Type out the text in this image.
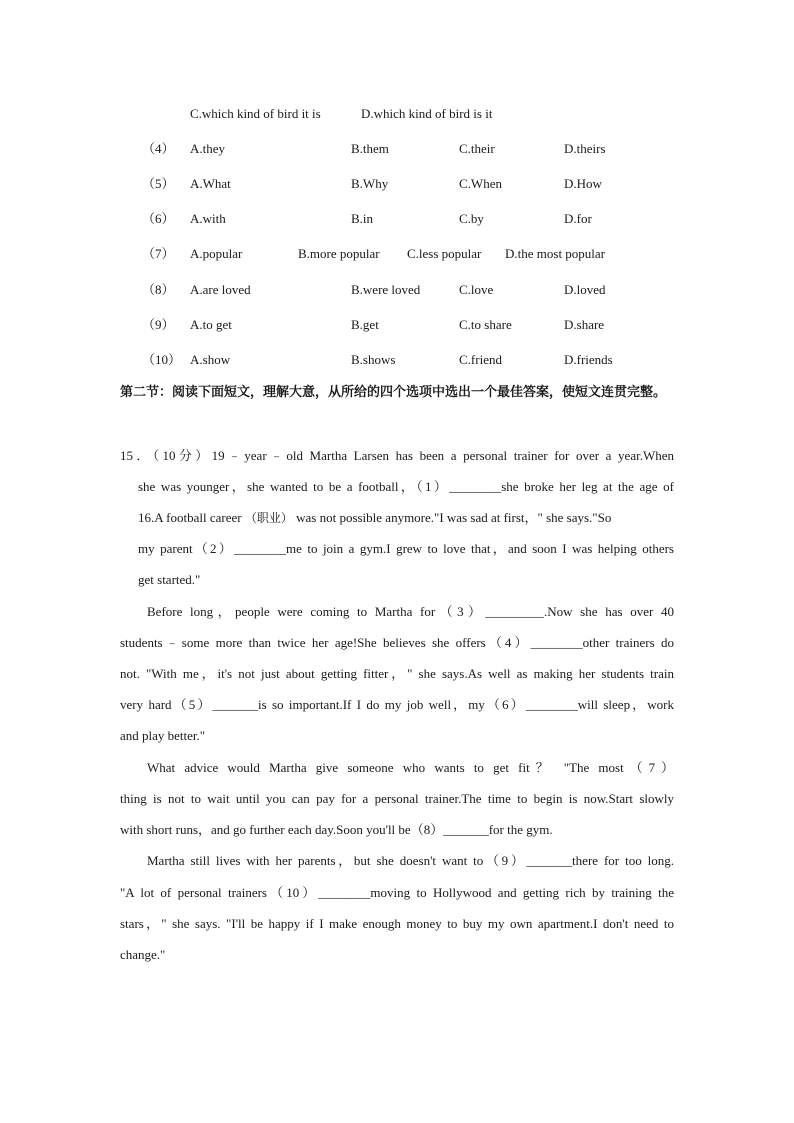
C.which kind of bird it is	D.which kind of bird is it
（4） A.they	B.them	C.their	D.theirs
（5） A.What	B.Why	C.When	D.How
（6） A.with	B.in	C.by	D.for
（7） A.popular	B.more popular C.less popular D.the most popular
（8） A.are loved	B.were loved	C.love	D.loved
（9） A.to get	B.get	C.to share	D.share
（10） A.show	B.shows	C.friend	D.friends
第二节：阅读下面短文，理解大意，从所给的四个选项中选出一个最佳答案，使短文连贯完整。
15．（10分）19﹣year﹣old Martha Larsen has been a personal trainer for over a year.When
she was younger，she wanted to be a football，（1）________she broke her leg at the age of
16.A football career （职业） was not possible anymore."I was sad at first，" she says."So
my parent（2）________me to join a gym.I grew to love that，and soon I was helping others
get started."
Before long，people were coming to Martha for（3）_________.Now she has over 40
students﹣some more than twice her age!She believes she offers（4）________other trainers do
not. "With me，it's not just about getting fitter，" she says.As well as making her students train
very hard（5）_______is so important.If I do my job well，my（6）________will sleep，work
and play better."
What advice would Martha give someone who wants to get fit？ "The most（7）
thing is not to wait until you can pay for a personal trainer.The time to begin is now.Start slowly
with short runs，and go further each day.Soon you'll be（8）_______for the gym.
Martha still lives with her parents，but she doesn't want to（9）_______there for too long.
"A lot of personal trainers（10）________moving to Hollywood and getting rich by training the
stars，" she says. "I'll be happy if I make enough money to buy my own apartment.I don't need to
change."
